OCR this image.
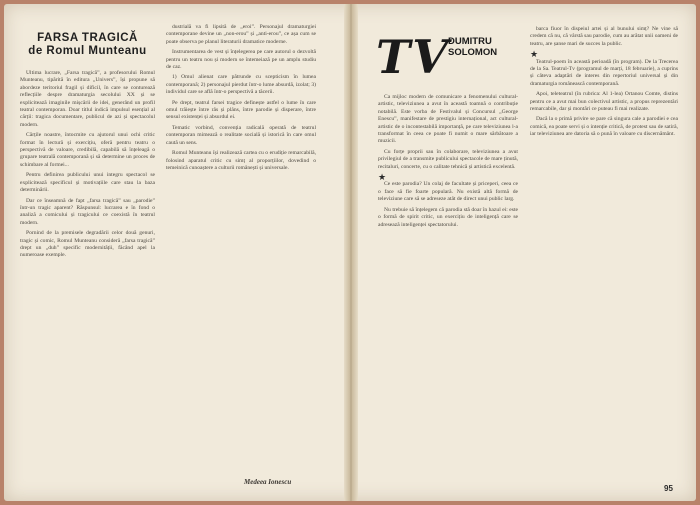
FARSA TRAGICĂ
de Romul Munteanu

Ultima lucrare, „Farsa tragică”, a profesorului Romul Munteanu, tipărită în editura „Univers”, își propune să abordeze teritoriul fragil și dificil, în care se conturează reflecțiile despre dramaturgia secolului XX și se explicitează imaginile mișcării de idei, generând un profil teatral contemporan. Doar titlul indică impulsul esențial al cărții: tragica documentare, publicul de azi și spectacolul modern.

Cărțile noastre, întocmite cu ajutorul unui ochi critic format în lectură și exercițiu, oferă pentru teatru o perspectivă de valoare, credibilă, capabilă să înțeleagă o grupare teatrală contemporană și să determine un proces de schimbare al formei...

Pentru definirea publicului unui integru spectacol se explicitează specificul și motivațiile care stau la baza determinării.

Dar ce înseamnă de fapt „farsa tragică” sau „parodie” într-un tragic aparent? Răspunsul: lucrarea e în fond o analiză a comicului și tragicului ce coexistă în teatrul modern.

Pornind de la premisele degradării celor două genuri, tragic și comic, Romul Munteanu consideră „farsa tragică” drept un „duh” specific modernității, făcând apel la numeroase exemple.

dustrială va fi lipsită de „eroi”. Personajul dramaturgiei contemporane devine un „non-erou” și „anti-erou”, ce așa cum se poate observa pe planul literaturii dramatice moderne.

Instrumentarea de vest și înțelegerea pe care autorul o dezvoltă pentru un teatru nou și modern se întemeiază pe un amplu studiu de caz.

1) Omul alienat care pătrunde cu scepticism în lumea contemporană; 2) personajul pierdut într-o lume absurdă, izolat; 3) individul care se află într-o perspectivă a tăcerii.

Pe drept, teatrul farsei tragice definește astfel o lume în care omul trăiește între râs și plâns, între parodie și disperare, între sensul existenței și absurdul ei.

Tematic vorbind, convenția radicală operată de teatrul contemporan mimează o realitate socială și istorică în care omul caută un sens.

Romul Munteanu își realizează cartea cu o erudiție remarcabilă, folosind aparatul critic cu simț al proporțiilor, dovedind o temeinică cunoaștere a culturii românești și universale.

Medeea Ionescu
TV
DUMITRU
SOLOMON

Ca mijloc modern de comunicare a fenomenului cultural-artistic, televiziunea a avut în această toamnă o contribuție notabilă. Este vorba de Festivalul și Concursul „George Enescu”, manifestare de prestigiu internațional, act cultural-artistic de o incontestabilă importanță, pe care televiziunea l-a transformat în ceea ce poate fi numit o mare sărbătoare a muzicii.

Cu forțe proprii sau în colaborare, televiziunea a avut privilegiul de a transmite publicului spectacole de mare ținută, recitaluri, concerte, cu o calitate tehnică și artistică excelentă.

★

Ce este parodia? Un colaj de facultate și priceperi, ceea ce o face să fie foarte populară. Nu există altă formă de televiziune care să se adreseze atât de direct unui public larg.

Nu trebuie să înțelegem că parodia stă doar în hazul ei: este o formă de spirit critic, un exercițiu de inteligență care se adresează inteligenței spectatorului.

barca fiuor în dispeiul artei și al bunului simț? Ne vine să credem că nu, că vârstă sau parodie, cum au arătat unii oameni de teatru, are șanse mari de succes la public.

★

Teatrul-poem în această perioadă (în program). De la Trecerea de la Sa. Teatrul-Tv (programul de marți, 18 februarie), a cuprins și câteva adaptări de interes din repertoriul universal și din dramaturgia românească contemporană.

Apoi, teleteatrul (în rubrica: Al 1-lea) Ortanou Comte, distins pentru ce a avut mai bun colectivul artistic, a propus reprezentări remarcabile, dar și montări ce puteau fi mai realizate.

Dacă la o primă privire se pare că singura cale a parodiei e cea comică, ea poate servi și o intenție critică, de protest sau de satiră, iar televiziunea are datoria să o pună în valoare cu discernământ.

95
